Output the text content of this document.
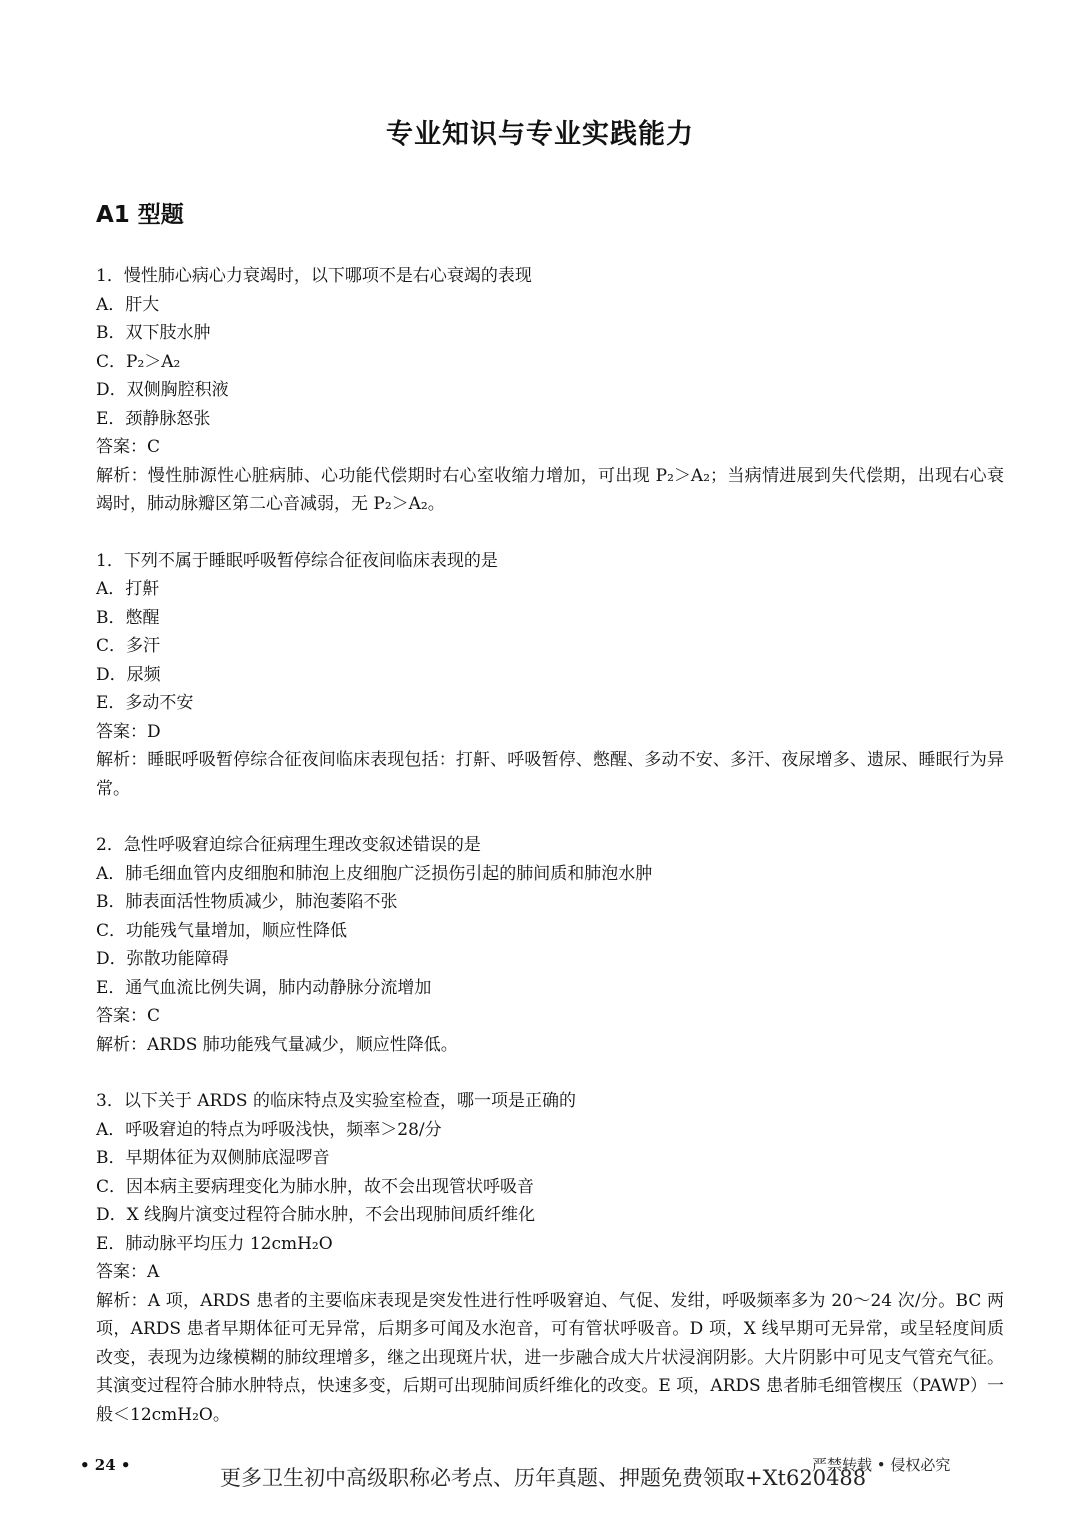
专业知识与专业实践能力
A1 型题

1．慢性肺心病心力衰竭时，以下哪项不是右心衰竭的表现

A．肝大

B．双下肢水肿

C．P₂＞A₂

D．双侧胸腔积液

E．颈静脉怒张

答案：C

解析：慢性肺源性心脏病肺、心功能代偿期时右心室收缩力增加，可出现 P₂＞A₂；当病情进展到失代偿期，出现右心衰竭时，肺动脉瓣区第二心音减弱，无 P₂＞A₂。

1．下列不属于睡眠呼吸暂停综合征夜间临床表现的是

A．打鼾

B．憋醒

C．多汗

D．尿频

E．多动不安

答案：D

解析：睡眠呼吸暂停综合征夜间临床表现包括：打鼾、呼吸暂停、憋醒、多动不安、多汗、夜尿增多、遗尿、睡眠行为异常。

2．急性呼吸窘迫综合征病理生理改变叙述错误的是

A．肺毛细血管内皮细胞和肺泡上皮细胞广泛损伤引起的肺间质和肺泡水肿

B．肺表面活性物质减少，肺泡萎陷不张

C．功能残气量增加，顺应性降低

D．弥散功能障碍

E．通气血流比例失调，肺内动静脉分流增加

答案：C

解析：ARDS 肺功能残气量减少，顺应性降低。

3．以下关于 ARDS 的临床特点及实验室检查，哪一项是正确的

A．呼吸窘迫的特点为呼吸浅快，频率＞28/分

B．早期体征为双侧肺底湿啰音

C．因本病主要病理变化为肺水肿，故不会出现管状呼吸音

D．X 线胸片演变过程符合肺水肿，不会出现肺间质纤维化

E．肺动脉平均压力 12cmH₂O

答案：A

解析：A 项，ARDS 患者的主要临床表现是突发性进行性呼吸窘迫、气促、发绀，呼吸频率多为 20～24 次/分。BC 两项，ARDS 患者早期体征可无异常，后期多可闻及水泡音，可有管状呼吸音。D 项，X 线早期可无异常，或呈轻度间质改变，表现为边缘模糊的肺纹理增多，继之出现斑片状，进一步融合成大片状浸润阴影。大片阴影中可见支气管充气征。其演变过程符合肺水肿特点，快速多变，后期可出现肺间质纤维化的改变。E 项，ARDS 患者肺毛细管楔压（PAWP）一般＜12cmH₂O。

• 24 •
更多卫生初中高级职称必考点、历年真题、押题免费领取+Xt620488
严禁转载 • 侵权必究
